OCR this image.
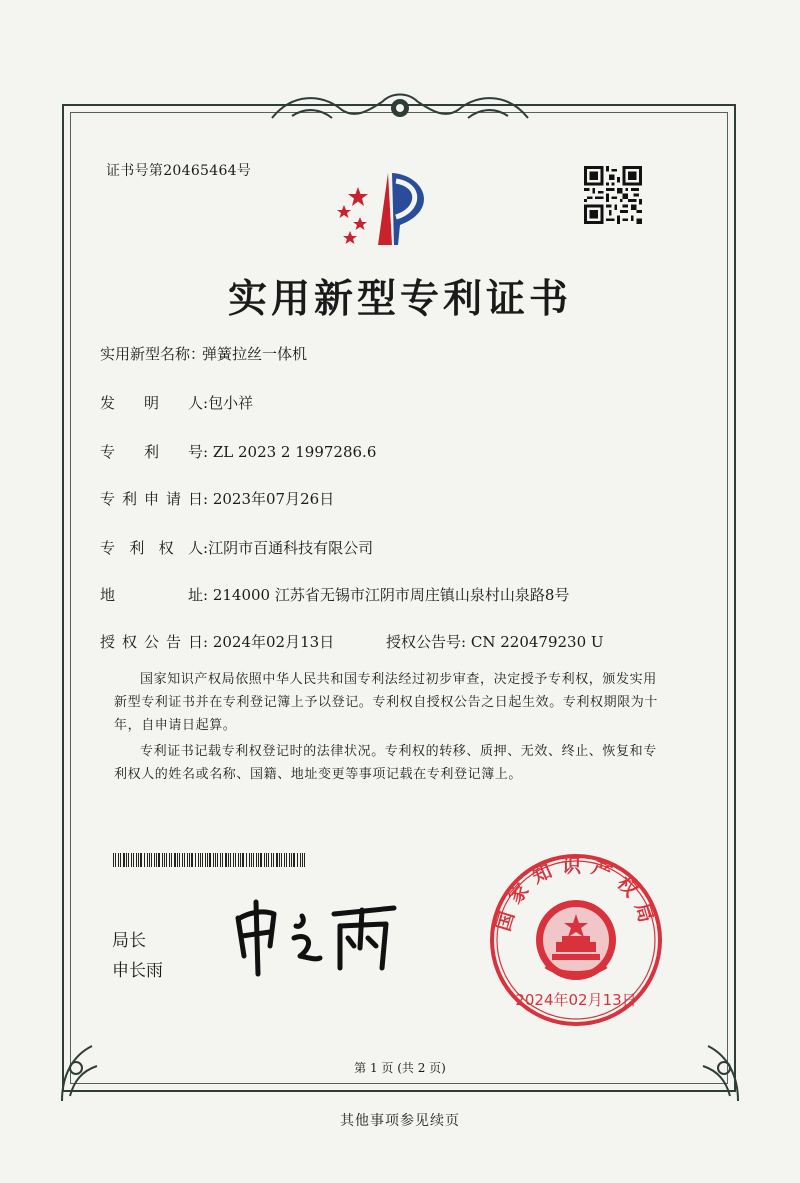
证书号第20465464号
实用新型专利证书
实用新型名称：弹簧拉丝一体机
发明人:包小祥
专利号: ZL 2023 2 1997286.6
专利申请日: 2023年07月26日
专利权人:江阴市百通科技有限公司
地址: 214000 江苏省无锡市江阴市周庄镇山泉村山泉路8号
授权公告日: 2024年02月13日	授权公告号: CN 220479230 U
国家知识产权局依照中华人民共和国专利法经过初步审查，决定授予专利权，颁发实用新型专利证书并在专利登记簿上予以登记。专利权自授权公告之日起生效。专利权期限为十年，自申请日起算。
专利证书记载专利权登记时的法律状况。专利权的转移、质押、无效、终止、恢复和专利权人的姓名或名称、国籍、地址变更等事项记载在专利登记簿上。
局长
申长雨
国家知识产权局
2024年02月13日
第 1 页 (共 2 页)
其他事项参见续页
